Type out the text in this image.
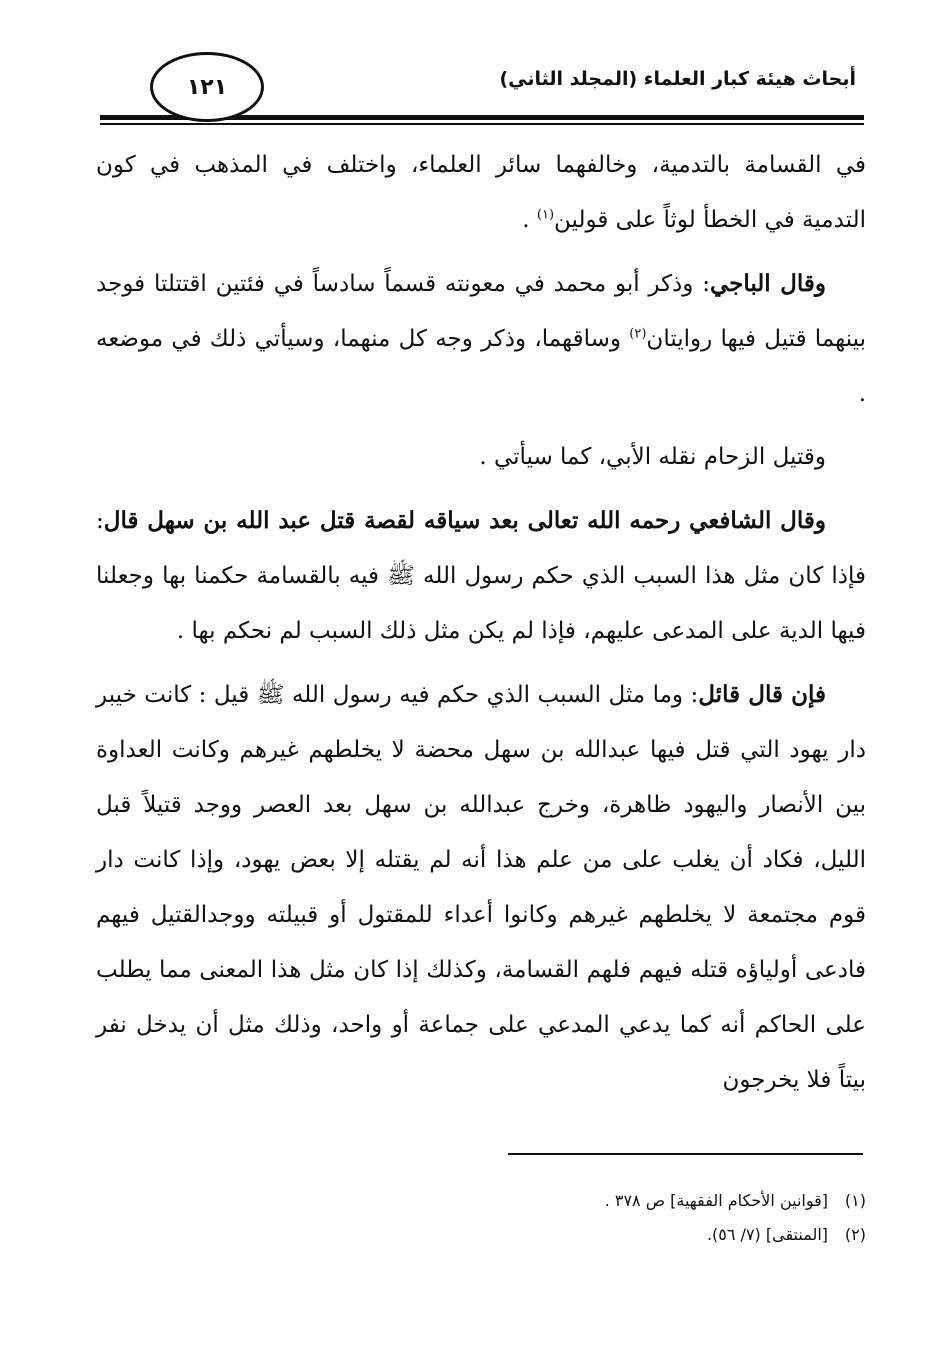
أبحاث هيئة كبار العلماء (المجلد الثاني)
١٢١

في القسامة بالتدمية، وخالفهما سائر العلماء، واختلف في المذهب في كون التدمية في الخطأ لوثاً على قولين$^{(١)}$ .

وقال الباجي: وذكر أبو محمد في معونته قسماً سادساً في فئتين اقتتلتا فوجد بينهما قتيل فيها روايتان$^{(٢)}$ وساقهما، وذكر وجه كل منهما، وسيأتي ذلك في موضعه .

وقتيل الزحام نقله الأبي، كما سيأتي .

وقال الشافعي رحمه الله تعالى بعد سياقه لقصة قتل عبد الله بن سهل قال: فإذا كان مثل هذا السبب الذي حكم رسول الله ﷺ فيه بالقسامة حكمنا بها وجعلنا فيها الدية على المدعى عليهم، فإذا لم يكن مثل ذلك السبب لم نحكم بها .

فإن قال قائل: وما مثل السبب الذي حكم فيه رسول الله ﷺ قيل : كانت خيبر دار يهود التي قتل فيها عبدالله بن سهل محضة لا يخلطهم غيرهم وكانت العداوة بين الأنصار واليهود ظاهرة، وخرج عبدالله بن سهل بعد العصر ووجد قتيلاً قبل الليل، فكاد أن يغلب على من علم هذا أنه لم يقتله إلا بعض يهود، وإذا كانت دار قوم مجتمعة لا يخلطهم غيرهم وكانوا أعداء للمقتول أو قبيلته ووجدالقتيل فيهم فادعى أولياؤه قتله فيهم فلهم القسامة، وكذلك إذا كان مثل هذا المعنى مما يطلب على الحاكم أنه كما يدعي المدعي على جماعة أو واحد، وذلك مثل أن يدخل نفر بيتاً فلا يخرجون

(١)[قوانين الأحكام الفقهية] ص ٣٧٨ .
(٢)[المنتقى] (٧/ ٥٦).
